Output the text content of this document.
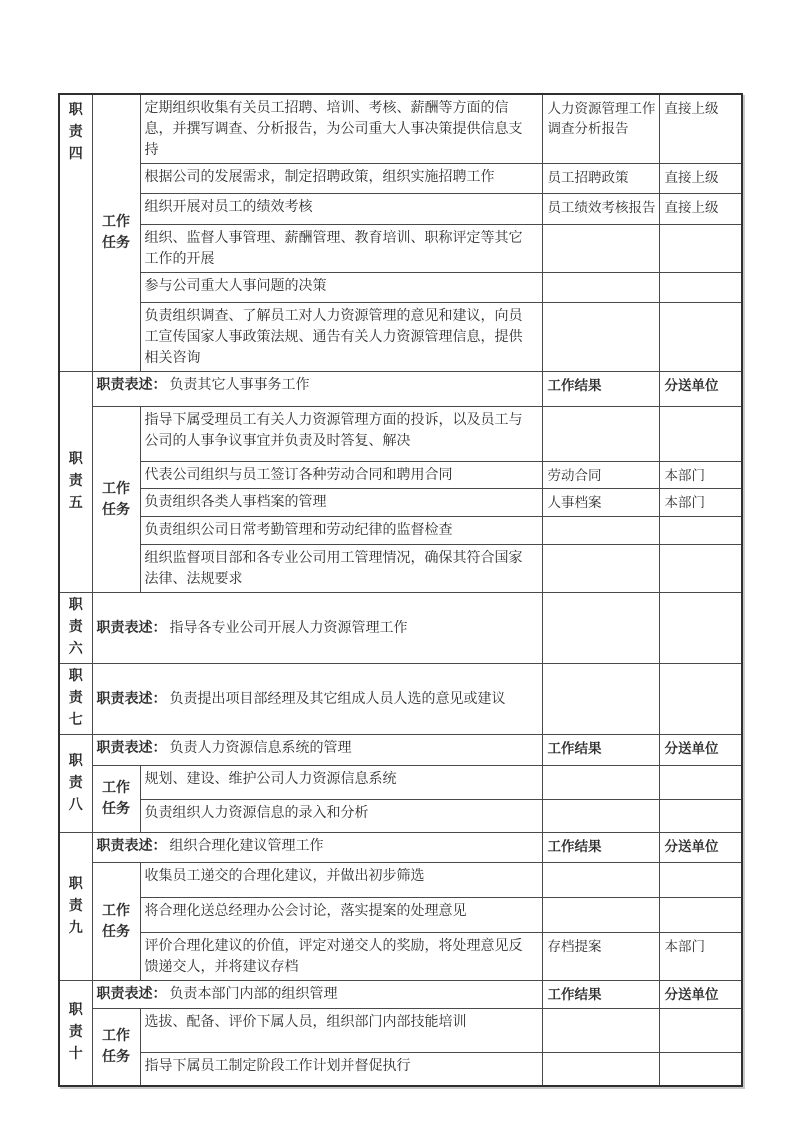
职责四	工作任务	定期组织收集有关员工招聘、培训、考核、薪酬等方面的信息，并撰写调查、分析报告，为公司重大人事决策提供信息支持	人力资源管理工作调查分析报告	直接上级
		根据公司的发展需求，制定招聘政策，组织实施招聘工作	员工招聘政策	直接上级
		组织开展对员工的绩效考核	员工绩效考核报告	直接上级
		组织、监督人事管理、薪酬管理、教育培训、职称评定等其它工作的开展		
		参与公司重大人事问题的决策		
		负责组织调查、了解员工对人力资源管理的意见和建议，向员工宣传国家人事政策法规、通告有关人力资源管理信息，提供相关咨询		
职责五	职责表述： 负责其它人事事务工作		工作结果	分送单位
	工作任务	指导下属受理员工有关人力资源管理方面的投诉，以及员工与公司的人事争议事宜并负责及时答复、解决		
		代表公司组织与员工签订各种劳动合同和聘用合同	劳动合同	本部门
		负责组织各类人事档案的管理	人事档案	本部门
		负责组织公司日常考勤管理和劳动纪律的监督检查		
		组织监督项目部和各专业公司用工管理情况，确保其符合国家法律、法规要求		
职责六	职责表述： 指导各专业公司开展人力资源管理工作			
职责七	职责表述： 负责提出项目部经理及其它组成人员人选的意见或建议			
职责八	职责表述： 负责人力资源信息系统的管理		工作结果	分送单位
	工作任务	规划、建设、维护公司人力资源信息系统		
		负责组织人力资源信息的录入和分析		
职责九	职责表述： 组织合理化建议管理工作		工作结果	分送单位
	工作任务	收集员工递交的合理化建议，并做出初步筛选		
		将合理化送总经理办公会讨论，落实提案的处理意见		
		评价合理化建议的价值，评定对递交人的奖励，将处理意见反馈递交人，并将建议存档	存档提案	本部门
职责十	职责表述： 负责本部门内部的组织管理		工作结果	分送单位
	工作任务	选拔、配备、评价下属人员，组织部门内部技能培训		
		指导下属员工制定阶段工作计划并督促执行		
